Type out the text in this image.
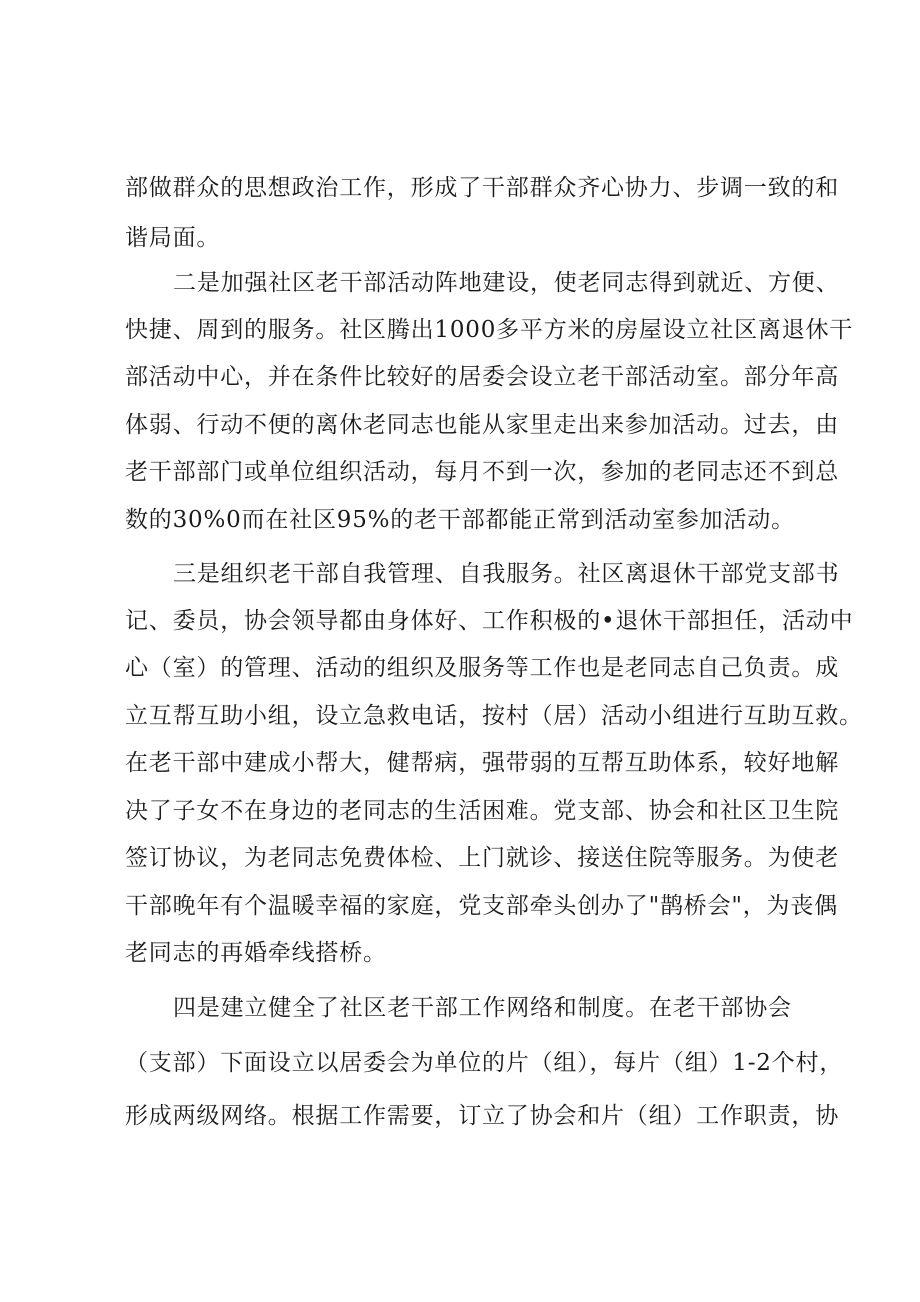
部做群众的思想政治工作，形成了干部群众齐心协力、步调一致的和
谐局面。
二是加强社区老干部活动阵地建设，使老同志得到就近、方便、
快捷、周到的服务。社区腾出1000多平方米的房屋设立社区离退休干
部活动中心，并在条件比较好的居委会设立老干部活动室。部分年高
体弱、行动不便的离休老同志也能从家里走出来参加活动。过去，由
老干部部门或单位组织活动，每月不到一次，参加的老同志还不到总
数的30%0而在社区95%的老干部都能正常到活动室参加活动。
三是组织老干部自我管理、自我服务。社区离退休干部党支部书
记、委员，协会领导都由身体好、工作积极的•退休干部担任，活动中
心（室）的管理、活动的组织及服务等工作也是老同志自己负责。成
立互帮互助小组，设立急救电话，按村（居）活动小组进行互助互救。
在老干部中建成小帮大，健帮病，强带弱的互帮互助体系，较好地解
决了子女不在身边的老同志的生活困难。党支部、协会和社区卫生院
签订协议，为老同志免费体检、上门就诊、接送住院等服务。为使老
干部晚年有个温暖幸福的家庭，党支部牵头创办了"鹊桥会"，为丧偶
老同志的再婚牵线搭桥。
四是建立健全了社区老干部工作网络和制度。在老干部协会
（支部）下面设立以居委会为单位的片（组），每片（组）1-2个村，
形成两级网络。根据工作需要，订立了协会和片（组）工作职责，协
